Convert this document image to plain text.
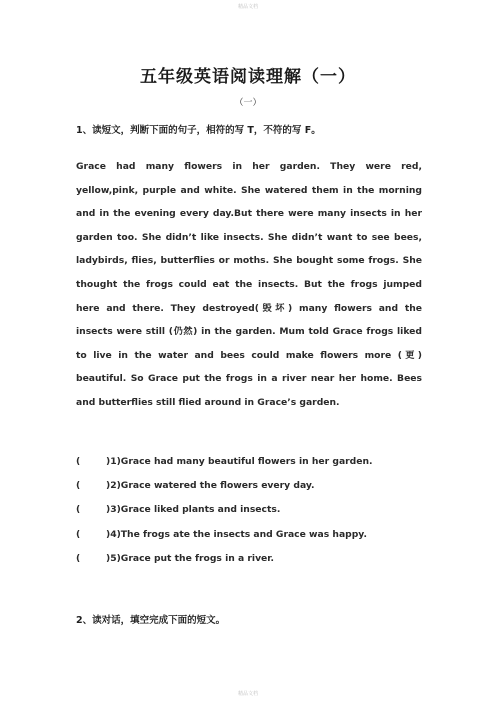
精品文档
五年级英语阅读理解（一）
（一）
1、读短文，判断下面的句子，相符的写 T，不符的写 F。
Grace had many flowers in her garden. They were red, yellow,pink, purple and white. She watered them in the morning and in the evening every day.But there were many insects in her garden too. She didn’t like insects. She didn’t want to see bees, ladybirds, flies, butterflies or moths. She bought some frogs. She thought the frogs could eat the insects. But the frogs jumped here and there. They destroyed(毁坏) many flowers and the insects were still (仍然) in the garden. Mum told Grace frogs liked to live in the water and bees could make flowers more (更) beautiful. So Grace put the frogs in a river near her home. Bees and butterflies still flied around in Grace’s garden.
(	) 1)Grace had many beautiful flowers in her garden.
(	) 2)Grace watered the flowers every day.
(	) 3)Grace liked plants and insects.
(	) 4)The frogs ate the insects and Grace was happy.
(	) 5)Grace put the frogs in a river.
2、读对话，填空完成下面的短文。
精品文档
